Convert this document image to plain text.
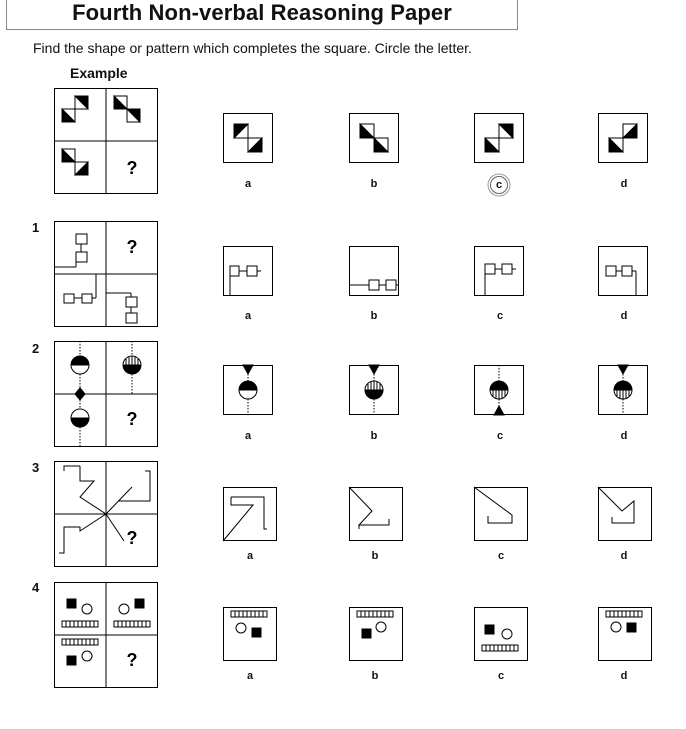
Fourth Non-verbal Reasoning Paper
Find the shape or pattern which completes the square. Circle the letter.
Example
1
2
3
4
?
a	b	c	d
?
a	b	c	d
?
a	b	c	d
?
a	b	c	d
?
a	b	c	d
